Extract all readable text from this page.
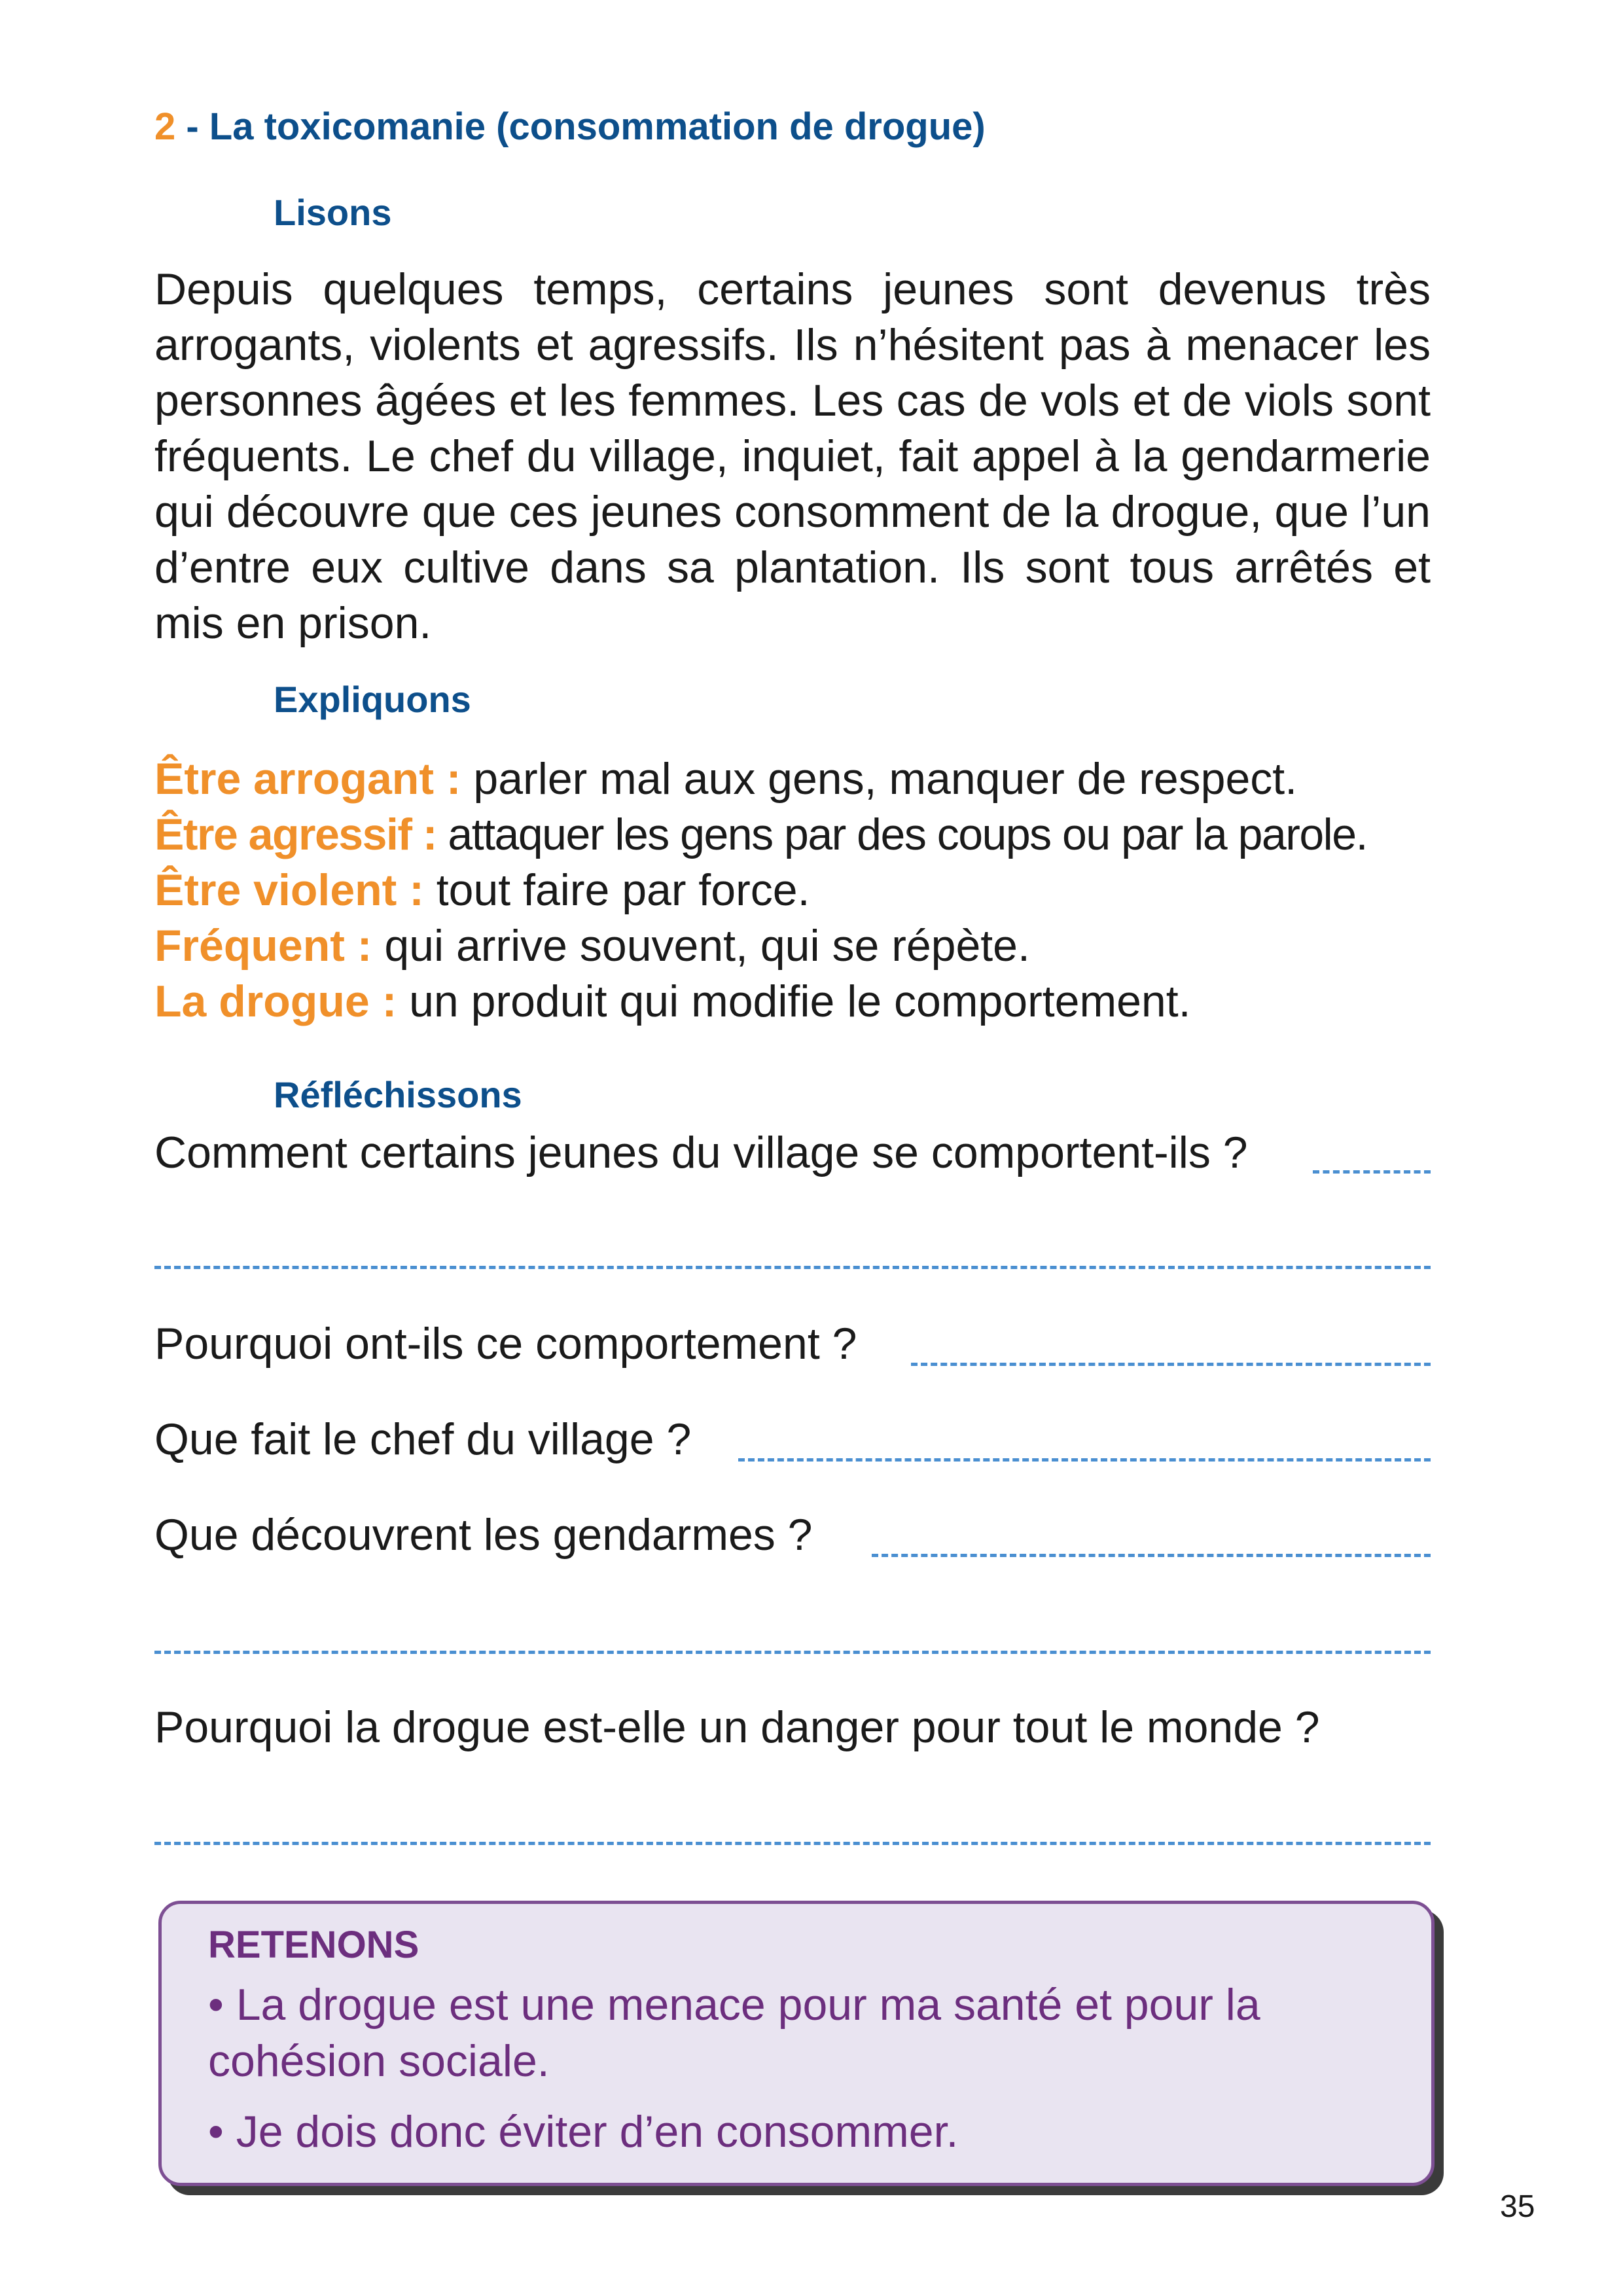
2 - La toxicomanie (consommation de drogue)
Lisons
Depuis quelques temps, certains jeunes sont devenus très arrogants, violents et agressifs. Ils n’hésitent pas à menacer les personnes âgées et les femmes. Les cas de vols et de viols sont fréquents. Le chef du village, inquiet, fait appel à la gendarmerie qui découvre que ces jeunes consomment de la drogue, que l’un d’entre eux cultive dans sa plantation. Ils sont tous arrêtés et mis en prison.
Expliquons
Être arrogant : parler mal aux gens, manquer de respect.
Être agressif : attaquer les gens par des coups ou par la parole.
Être violent : tout faire par force.
Fréquent : qui arrive souvent, qui se répète.
La drogue : un produit qui modifie le comportement.
Réfléchissons
Comment certains jeunes du village se comportent-ils ?
Pourquoi ont-ils ce comportement ?
Que fait le chef du village ?
Que découvrent les gendarmes ?
Pourquoi la drogue est-elle un danger pour tout le monde ?
RETENONS

• La drogue est une menace pour ma santé et pour la cohésion sociale.

• Je dois donc éviter d’en consommer.

35
